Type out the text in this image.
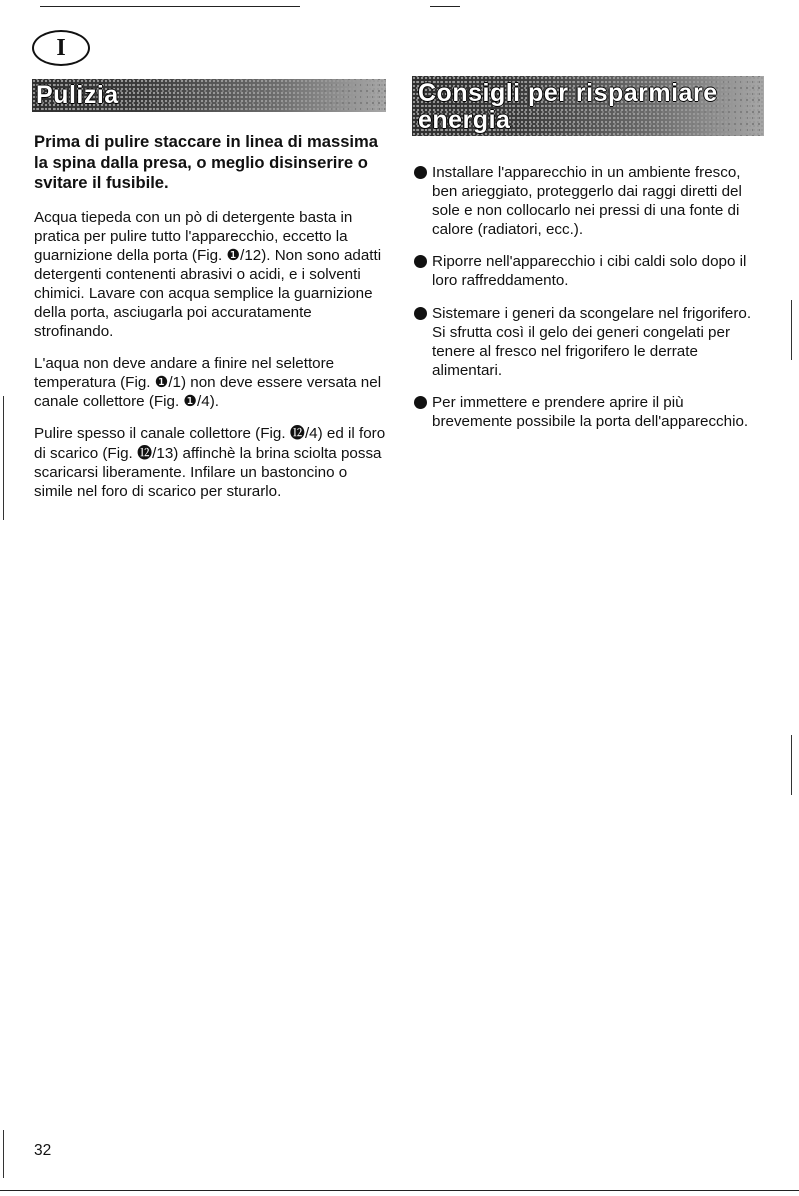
I
Pulizia	Consigli per risparmiare energia

Prima di pulire staccare in linea di massima la spina dalla presa, o meglio disinserire o svitare il fusibile.

Acqua tiepeda con un pò di detergente basta in pratica per pulire tutto l'apparecchio, eccetto la guarnizione della porta (Fig. ❶/12). Non sono adatti detergenti contenenti abrasivi o acidi, e i solventi chimici. Lavare con acqua semplice la guarnizione della porta, asciugarla poi accuratamente strofinando.

L'aqua non deve andare a finire nel selettore temperatura (Fig. ❶/1) non deve essere versata nel canale collettore (Fig. ❶/4).

Pulire spesso il canale collettore (Fig. ⓬/4) ed il foro di scarico (Fig. ⓬/13) affinchè la brina sciolta possa scaricarsi liberamente. Infilare un bastoncino o simile nel foro di scarico per sturarlo.

Installare l'apparecchio in un ambiente fresco, ben arieggiato, proteggerlo dai raggi diretti del sole e non collocarlo nei pressi di una fonte di calore (radiatori, ecc.).
Riporre nell'apparecchio i cibi caldi solo dopo il loro raffreddamento.
Sistemare i generi da scongelare nel frigorifero. Si sfrutta così il gelo dei generi congelati per tenere al fresco nel frigorifero le derrate alimentari.
Per immettere e prendere aprire il più brevemente possibile la porta dell'apparecchio.
32
